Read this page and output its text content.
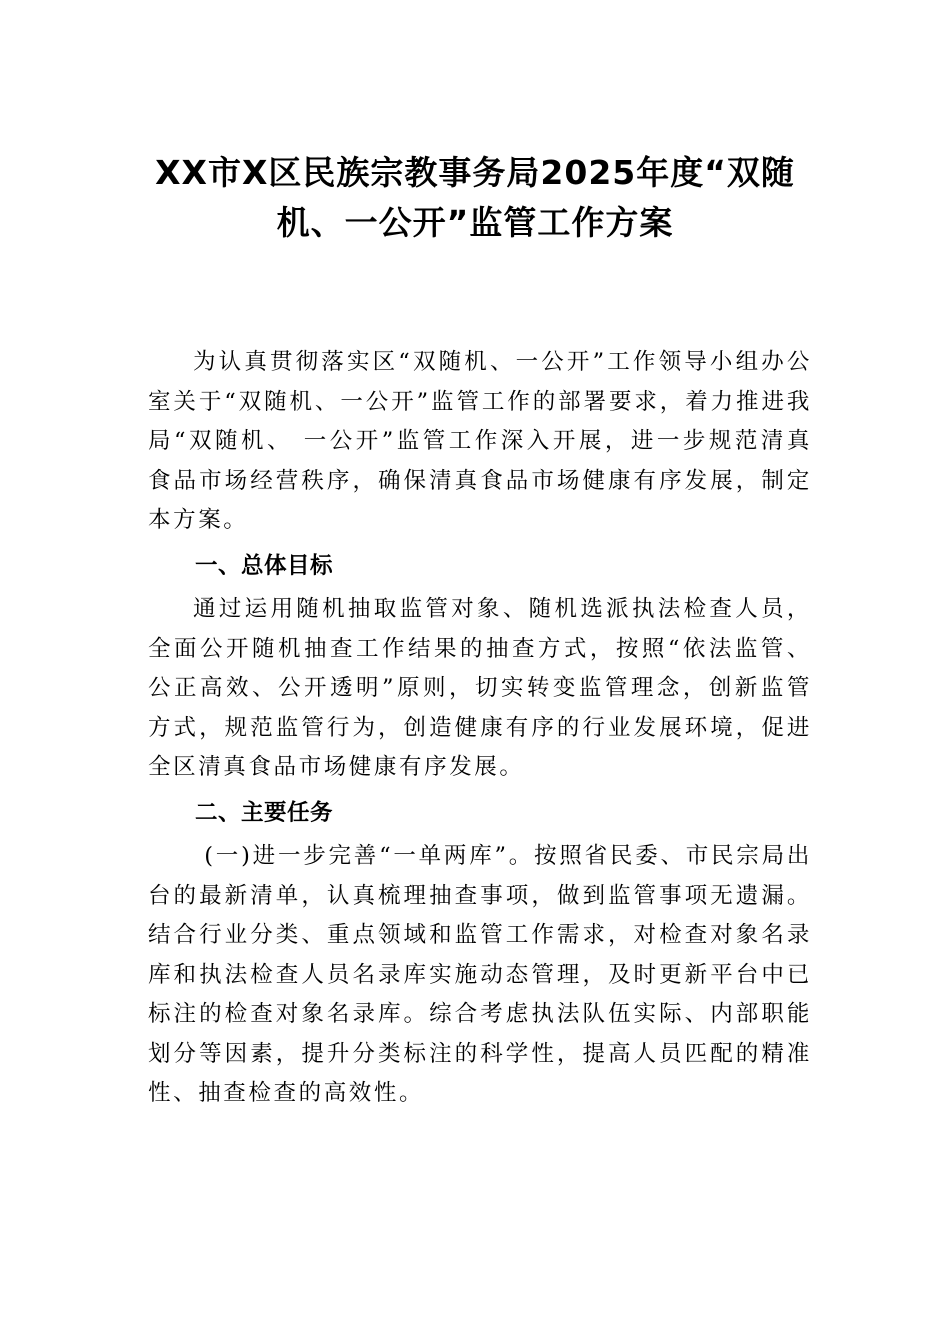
XX市X区民族宗教事务局2025年度“双随
机、一公开”监管工作方案

为认真贯彻落实区“双随机、一公开”工作领导小组办公室关于“双随机、一公开”监管工作的部署要求，着力推进我局“双随机、 一公开”监管工作深入开展，进一步规范清真食品市场经营秩序，确保清真食品市场健康有序发展，制定本方案。

一、总体目标

通过运用随机抽取监管对象、随机选派执法检查人员，全面公开随机抽查工作结果的抽查方式，按照“依法监管、公正高效、公开透明”原则，切实转变监管理念，创新监管方式，规范监管行为，创造健康有序的行业发展环境，促进全区清真食品市场健康有序发展。

二、主要任务

(一)进一步完善“一单两库”。按照省民委、市民宗局出台的最新清单，认真梳理抽查事项，做到监管事项无遗漏。结合行业分类、重点领域和监管工作需求，对检查对象名录库和执法检查人员名录库实施动态管理，及时更新平台中已标注的检查对象名录库。综合考虑执法队伍实际、内部职能划分等因素，提升分类标注的科学性，提高人员匹配的精准性、抽查检查的高效性。
